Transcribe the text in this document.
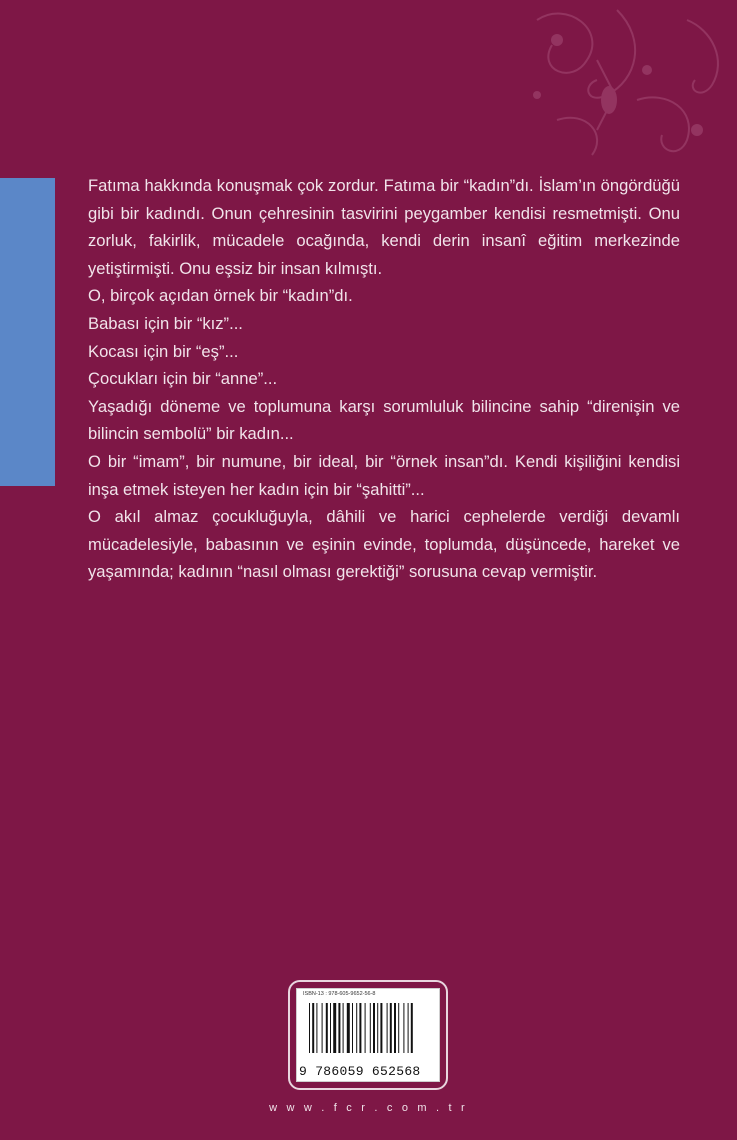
Fatıma hakkında konuşmak çok zordur. Fatıma bir “kadın”dı. İslam’ın öngördüğü gibi bir kadındı. Onun çehresinin tasvirini peygamber kendisi resmetmişti. Onu zorluk, fakirlik, mücadele ocağında, kendi derin insanî eğitim merkezinde yetiştirmişti. Onu eşsiz bir insan kılmıştı.

O, birçok açıdan örnek bir “kadın”dı.

Babası için bir “kız”...

Kocası için bir “eş”...

Çocukları için bir “anne”...

Yaşadığı döneme ve toplumuna karşı sorumluluk bilincine sahip “direnişin ve bilincin sembolü” bir kadın...

O bir “imam”, bir numune, bir ideal, bir “örnek insan”dı. Kendi kişiliğini kendisi inşa etmek isteyen her kadın için bir “şahitti”...

O akıl almaz çocukluğuyla, dâhili ve harici cephelerde verdiği devamlı mücadelesiyle, babasının ve eşinin evinde, toplumda, düşüncede, hareket ve yaşamında; kadının “nasıl olması gerektiği” sorusuna cevap vermiştir.

ISBN-13 : 978-605-9652-56-8
9 786059 652568
w w w . f c r . c o m . t r
